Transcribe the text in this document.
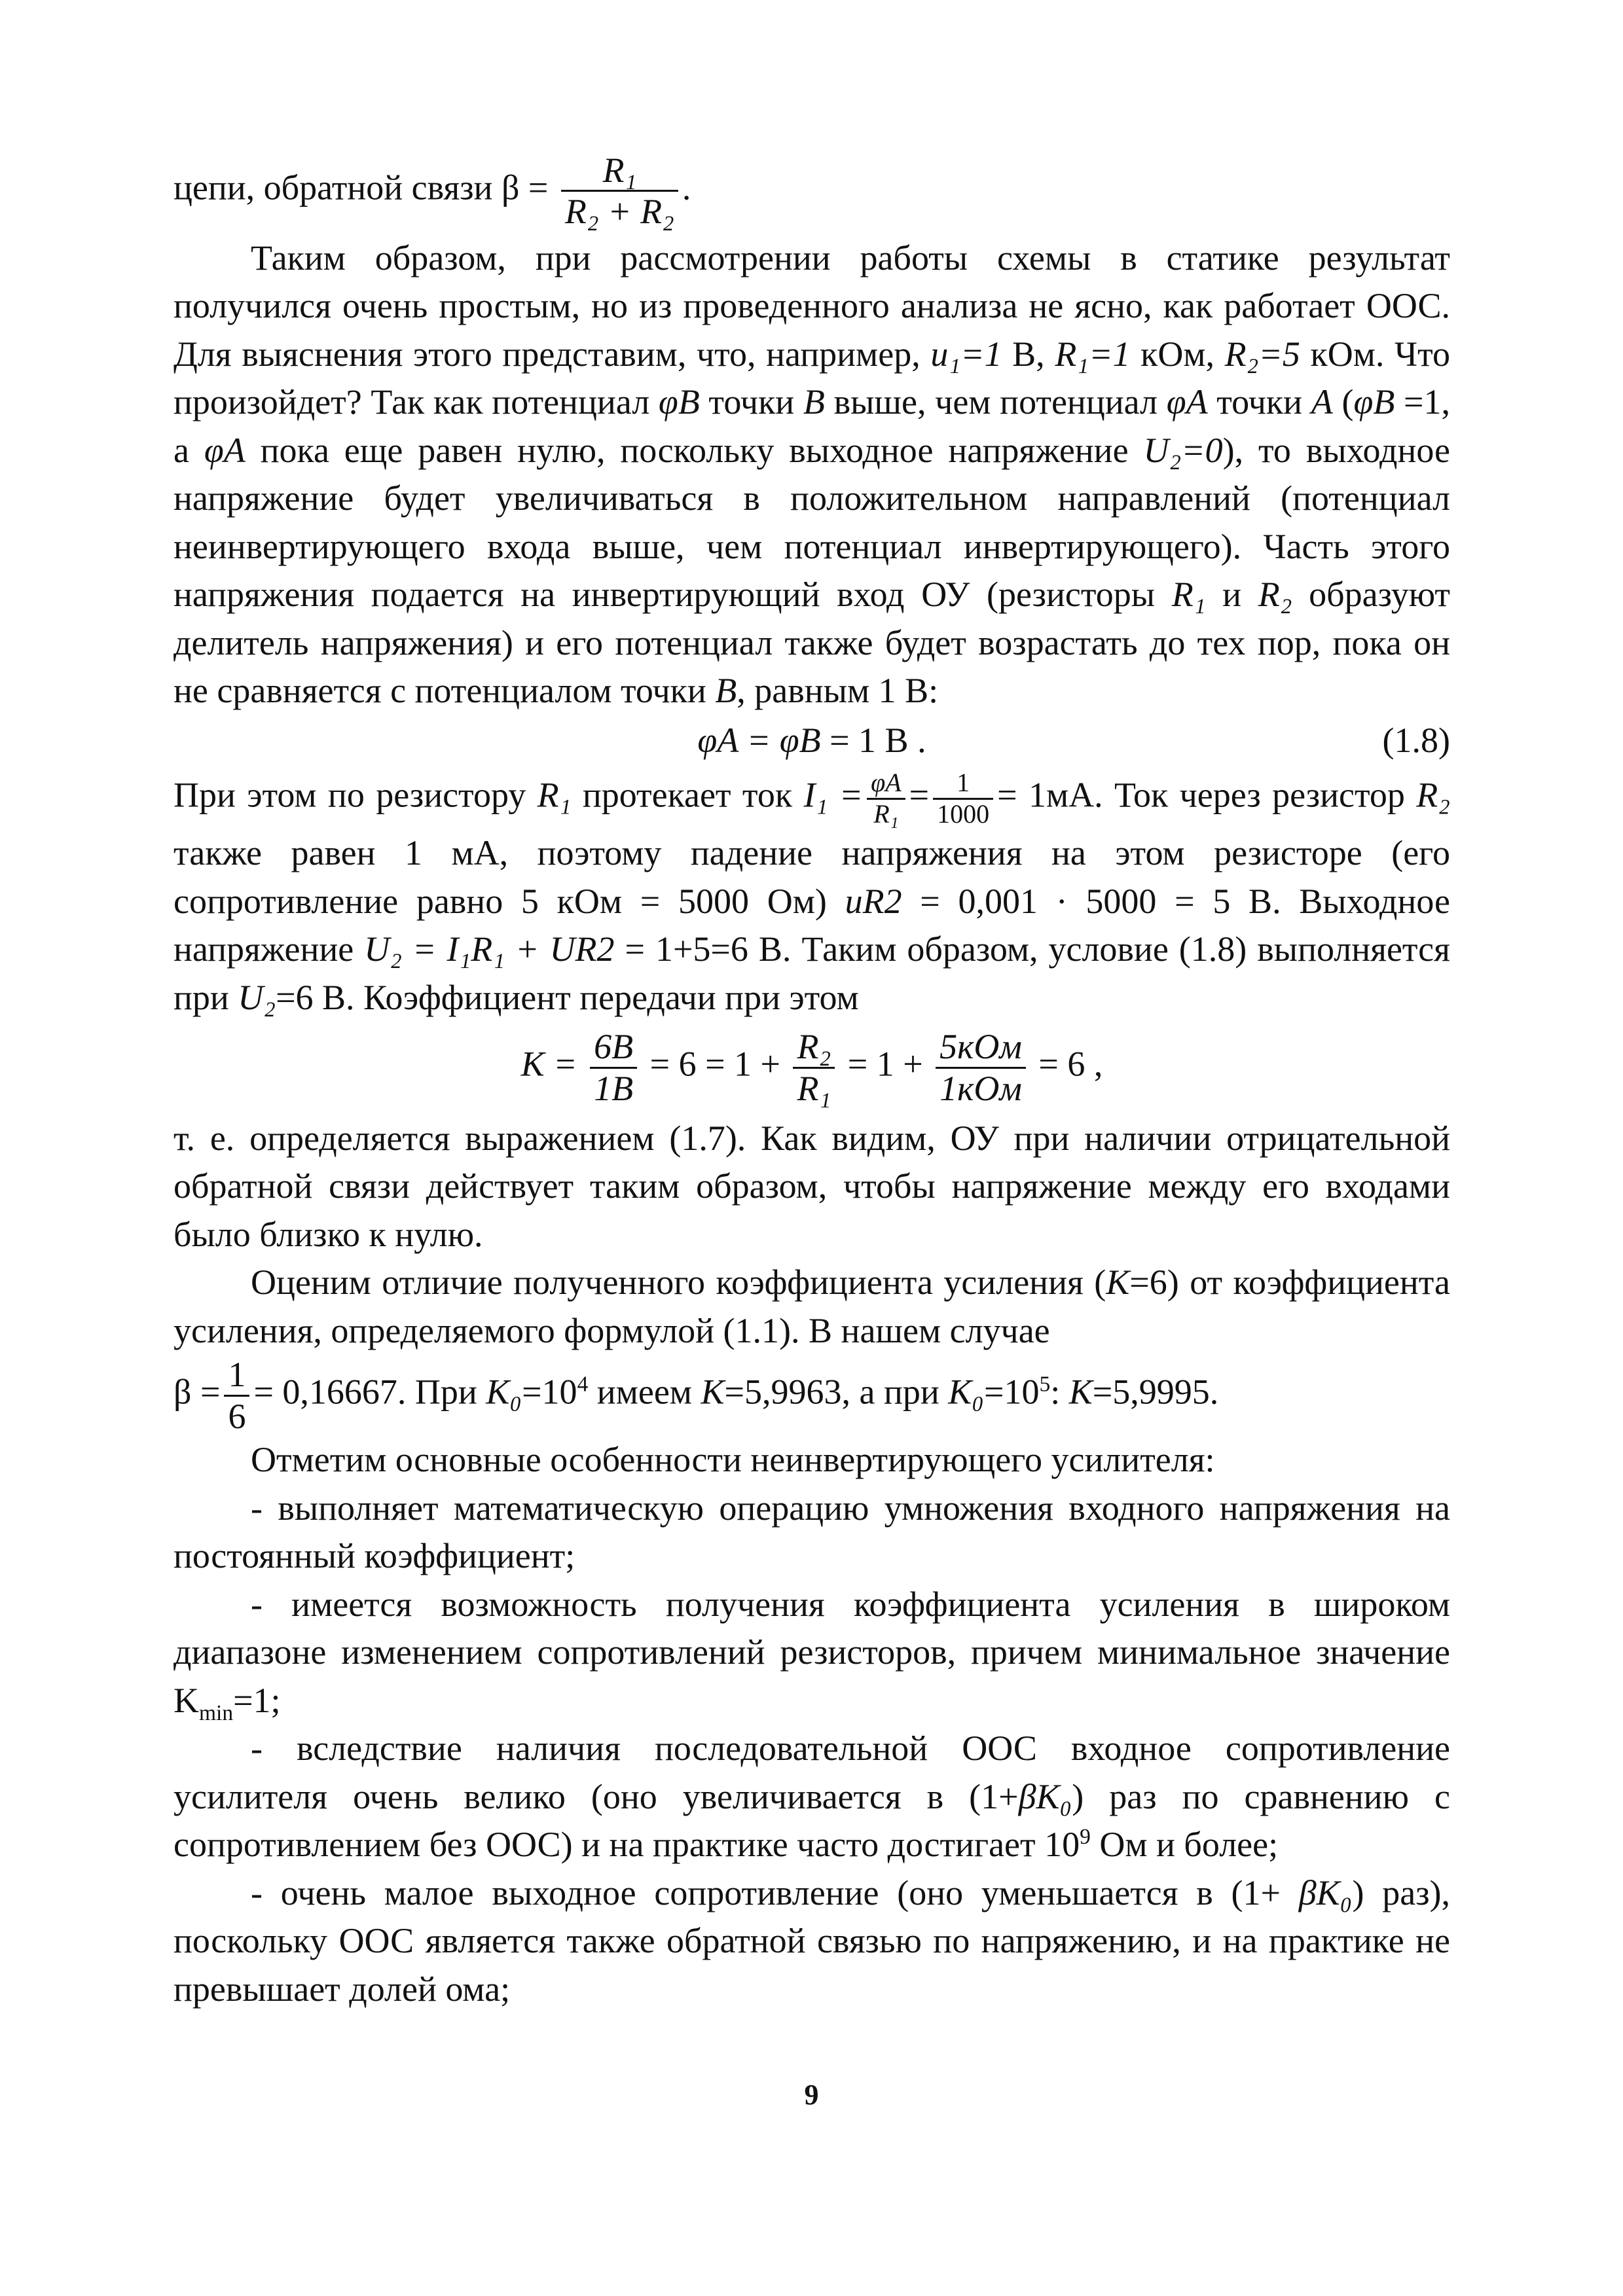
цепи, обратной связи $\beta = \frac{\text{R₁}}{\text{R₂ + R₂}}$ .

Таким образом, при рассмотрении работы схемы в статике результат получился очень простым, но из проведенного анализа не ясно, как работает ООС. Для выяснения этого представим, что, например, u₁=1 В, R₁=1 кОм, R₂=5 кОм. Что произойдет? Так как потенциал φB точки B выше, чем потенциал φA точки A (φB =1, а φA пока еще равен нулю, поскольку выходное напряжение U₂=0), то выходное напряжение будет увеличиваться в положительном направлений (потенциал неинвертирующего входа выше, чем потенциал инвертирующего). Часть этого напряжения подается на инвертирующий вход ОУ (резисторы R₁ и R₂ образуют делитель напряжения) и его потенциал также будет возрастать до тех пор, пока он не сравняется с потенциалом точки B, равным 1 В:

φA = φB = 1 В .	(1.8)

При этом по резистору R₁ протекает ток $I_1 = \frac{\varphi A}{\text{R₁}} = \frac{1}{1000} = 1мА$. Ток через резистор R₂ также равен 1 мА, поэтому падение напряжения на этом резисторе (его сопротивление равно 5 кОм = 5000 Ом) uR2 = 0,001 · 5000 = 5 В. Выходное напряжение U₂ = I₁R₁ + UR2 = 1+5=6 В. Таким образом, условие (1.8) выполняется при U₂=6 В. Коэффициент передачи при этом

$K = \frac{6B}{1B} = 6 = 1 + \frac{\text{R₂}}{\text{R₁}} = 1 + 5кОм$
1кОм
= 6 ,

т. е. определяется выражением (1.7). Как видим, ОУ при наличии отрицательной обратной связи действует таким образом, чтобы напряжение между его входами было близко к нулю.

Оценим отличие полученного коэффициента усиления (K=6) от коэффициента усиления, определяемого формулой (1.1). В нашем случае

$\beta = \frac{1}{6} = 0,16667$. При $K_0=10^4$ имеем K=5,9963, а при $K_0=10^5$: K=5,9995.

Отметим основные особенности неинвертирующего усилителя:

- выполняет математическую операцию умножения входного напряжения на постоянный коэффициент;

- имеется возможность получения коэффициента усиления в широком диапазоне изменением сопротивлений резисторов, причем минимальное значение $K_{min}=1$;

- вследствие наличия последовательной ООС входное сопротивление усилителя очень велико (оно увеличивается в (1+βK₀) раз по сравнению с сопротивлением без ООС) и на практике часто достигает $10^9$ Ом и более;

- очень малое выходное сопротивление (оно уменьшается в (1+ βK₀) раз), поскольку ООС является также обратной связью по напряжению, и на практике не превышает долей ома;

9
